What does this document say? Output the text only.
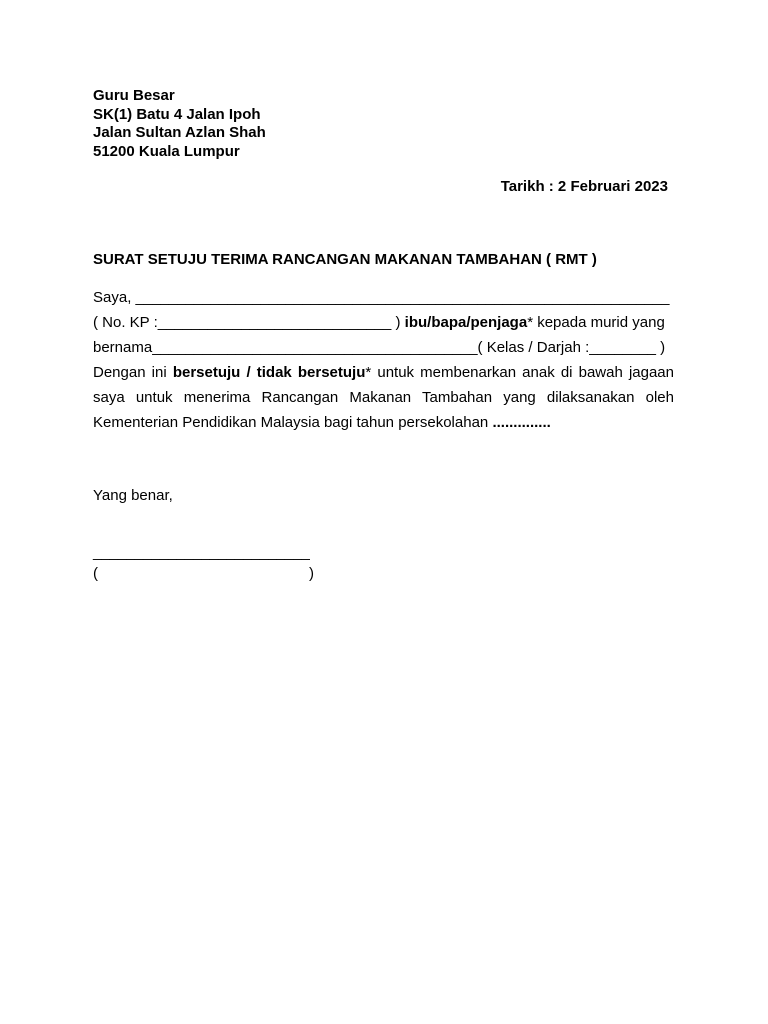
Guru Besar
SK(1) Batu 4 Jalan Ipoh
Jalan Sultan Azlan Shah
51200 Kuala Lumpur
Tarikh : 2 Februari 2023
SURAT SETUJU TERIMA RANCANGAN MAKANAN TAMBAHAN ( RMT )
Saya, ________________________________________________________________
( No. KP :____________________________ ) ibu/bapa/penjaga* kepada murid yang
bernama_______________________________________( Kelas / Darjah :________ )
Dengan ini bersetuju / tidak bersetuju* untuk membenarkan anak di bawah jagaan
saya untuk menerima Rancangan Makanan Tambahan yang dilaksanakan oleh
Kementerian Pendidikan Malaysia bagi tahun persekolahan ..............
Yang benar,
__________________________
(	)
